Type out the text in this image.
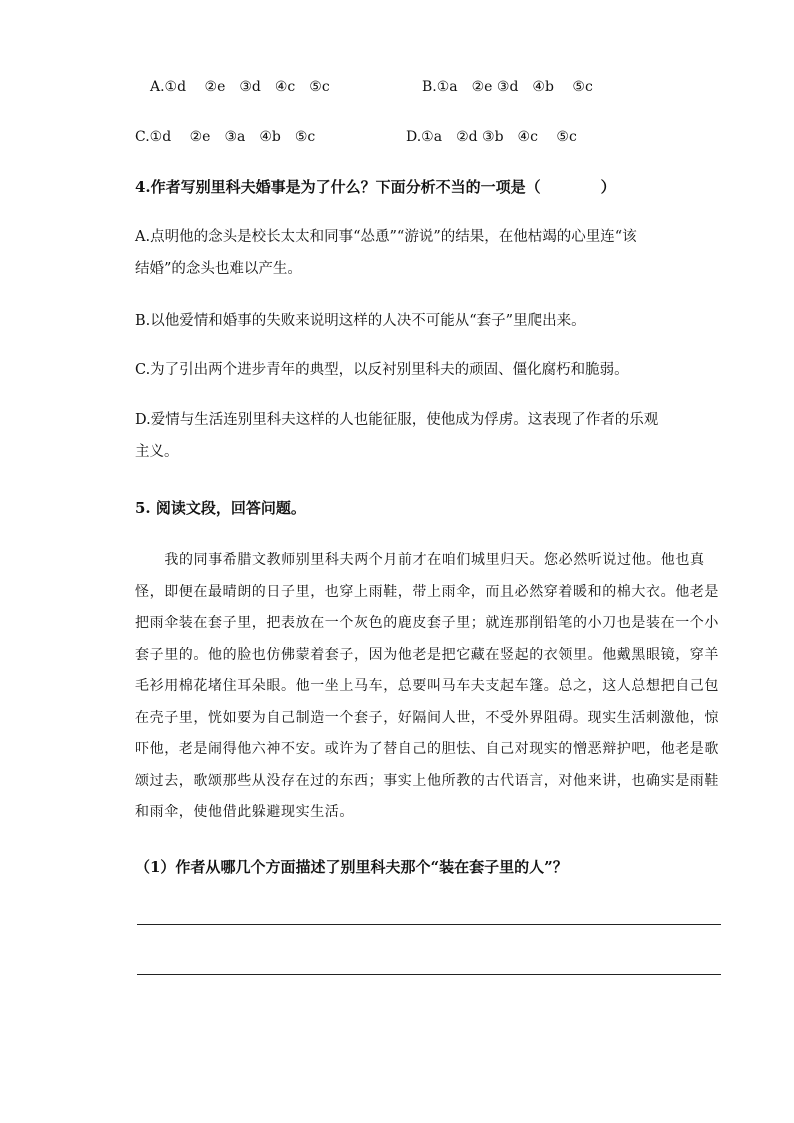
A.①d　 ②e　③d　④c　⑤c	B.①a　②e ③d　④b　 ⑤c
C.①d　 ②e　③a　④b　⑤c	D.①a　②d ③b　④c　 ⑤c
4.作者写别里科夫婚事是为了什么？下面分析不当的一项是（　　　　）
A.点明他的念头是校长太太和同事“怂恿”“游说”的结果，在他枯竭的心里连“该
结婚”的念头也难以产生。
B.以他爱情和婚事的失败来说明这样的人决不可能从“套子”里爬出来。
C.为了引出两个进步青年的典型，以反衬别里科夫的顽固、僵化腐朽和脆弱。
D.爱情与生活连别里科夫这样的人也能征服，使他成为俘虏。这表现了作者的乐观
主义。
5. 阅读文段，回答问题。

我的同事希腊文教师别里科夫两个月前才在咱们城里归天。您必然听说过他。他也真怪，即便在最晴朗的日子里，也穿上雨鞋，带上雨伞，而且必然穿着暖和的棉大衣。他老是把雨伞装在套子里，把表放在一个灰色的鹿皮套子里；就连那削铅笔的小刀也是装在一个小套子里的。他的脸也仿佛蒙着套子，因为他老是把它藏在竖起的衣领里。他戴黑眼镜，穿羊毛衫用棉花堵住耳朵眼。他一坐上马车，总要叫马车夫支起车篷。总之，这人总想把自己包在壳子里，恍如要为自己制造一个套子，好隔间人世，不受外界阻碍。现实生活刺激他，惊吓他，老是闹得他六神不安。或许为了替自己的胆怯、自己对现实的憎恶辩护吧，他老是歌颂过去，歌颂那些从没存在过的东西；事实上他所教的古代语言，对他来讲，也确实是雨鞋和雨伞，使他借此躲避现实生活。

（1）作者从哪几个方面描述了别里科夫那个“装在套子里的人”？
